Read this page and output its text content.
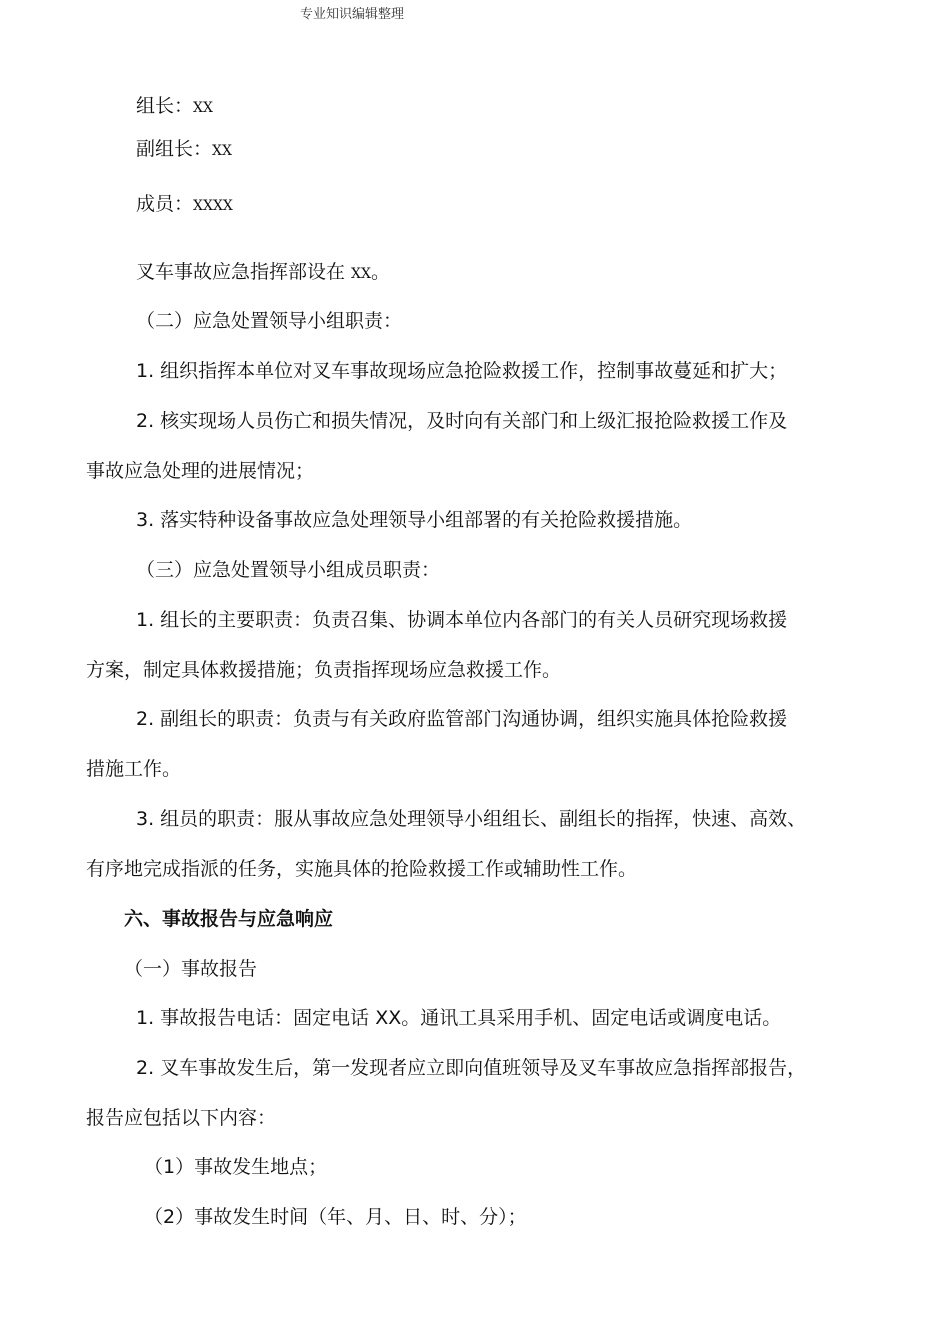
专业知识编辑整理
组长：XX
副组长：XX
成员：XXXX
叉车事故应急指挥部设在 XX。
（二）应急处置领导小组职责：
1. 组织指挥本单位对叉车事故现场应急抢险救援工作，控制事故蔓延和扩大；
2. 核实现场人员伤亡和损失情况，及时向有关部门和上级汇报抢险救援工作及
事故应急处理的进展情况；
3. 落实特种设备事故应急处理领导小组部署的有关抢险救援措施。
（三）应急处置领导小组成员职责：
1. 组长的主要职责：负责召集、协调本单位内各部门的有关人员研究现场救援
方案，制定具体救援措施；负责指挥现场应急救援工作。
2. 副组长的职责：负责与有关政府监管部门沟通协调，组织实施具体抢险救援
措施工作。
3. 组员的职责：服从事故应急处理领导小组组长、副组长的指挥，快速、高效、
有序地完成指派的任务，实施具体的抢险救援工作或辅助性工作。
六、事故报告与应急响应
（一）事故报告
1. 事故报告电话：固定电话 XX。通讯工具采用手机、固定电话或调度电话。
2. 叉车事故发生后，第一发现者应立即向值班领导及叉车事故应急指挥部报告，
报告应包括以下内容：
（1）事故发生地点；
（2）事故发生时间（年、月、日、时、分）；
